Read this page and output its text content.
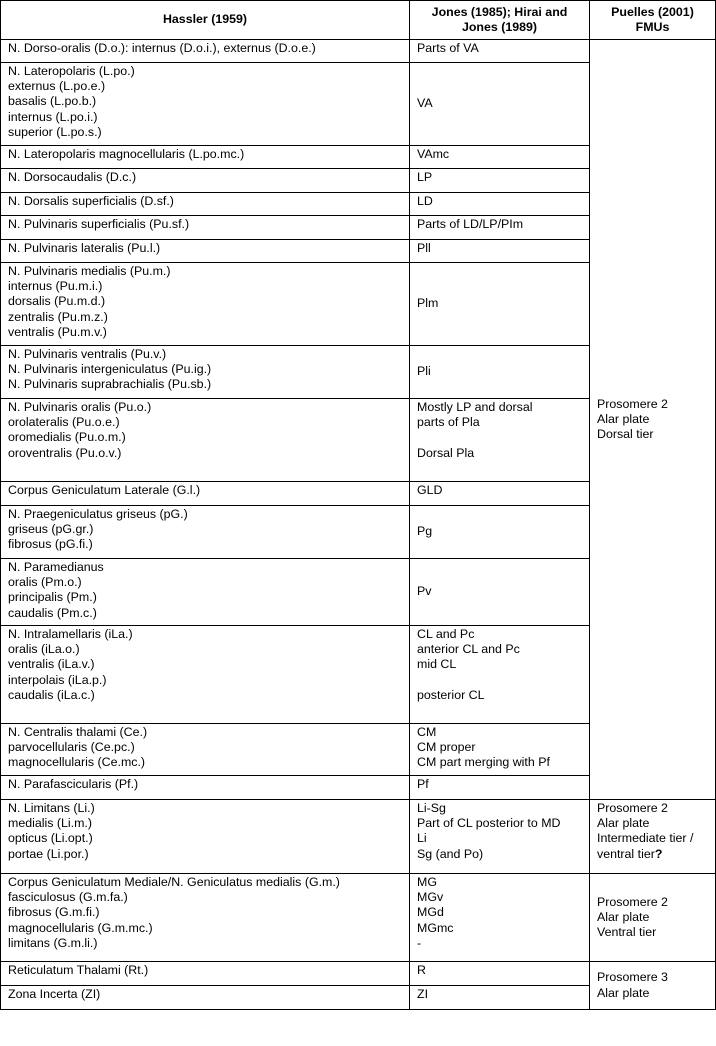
Hassler (1959)	Jones (1985); Hirai and Jones (1989)	Puelles (2001) FMUs

N. Dorso-oralis (D.o.): internus (D.o.i.), externus (D.o.e.)	Parts of VA	Prosomere 2
Alar plate
Dorsal tier

N. Lateropolaris (L.po.)
externus (L.po.e.)
basalis (L.po.b.)
internus (L.po.i.)
superior (L.po.s.)	VA	

N. Lateropolaris magnocellularis (L.po.mc.)	VAmc	

N. Dorsocaudalis (D.c.)	LP	

N. Dorsalis superficialis (D.sf.)	LD	

N. Pulvinaris superficialis (Pu.sf.)	Parts of LD/LP/PIm	

N. Pulvinaris lateralis (Pu.l.)	Pll	

N. Pulvinaris medialis (Pu.m.)
internus (Pu.m.i.)
dorsalis (Pu.m.d.)
zentralis (Pu.m.z.)
ventralis (Pu.m.v.)	Plm	

N. Pulvinaris ventralis (Pu.v.)
N. Pulvinaris intergeniculatus (Pu.ig.)
N. Pulvinaris suprabrachialis (Pu.sb.)	Pli	

N. Pulvinaris oralis (Pu.o.)
orolateralis (Pu.o.e.)
oromedialis (Pu.o.m.)
oroventralis (Pu.o.v.)	Mostly LP and dorsal
parts of Pla
Dorsal Pla	

Corpus Geniculatum Laterale (G.l.)	GLD	

N. Praegeniculatus griseus (pG.)
griseus (pG.gr.)
fibrosus (pG.fi.)	Pg	

N. Paramedianus
oralis (Pm.o.)
principalis (Pm.)
caudalis (Pm.c.)	Pv	

N. Intralamellaris (iLa.)
oralis (iLa.o.)
ventralis (iLa.v.)
interpolais (iLa.p.)
caudalis (iLa.c.)	CL and Pc
anterior CL and Pc
mid CL
posterior CL	

N. Centralis thalami (Ce.)
parvocellularis (Ce.pc.)
magnocellularis (Ce.mc.)	CM
CM proper
CM part merging with Pf	

N. Parafascicularis (Pf.)	Pf	

N. Limitans (Li.)
medialis (Li.m.)
opticus (Li.opt.)
portae (Li.por.)	Li-Sg
Part of CL posterior to MD
Li
Sg (and Po)	Prosomere 2
Alar plate
Intermediate tier /
ventral tier?

Corpus Geniculatum Mediale/N. Geniculatus medialis (G.m.)
fasciculosus (G.m.fa.)
fibrosus (G.m.fi.)
magnocellularis (G.m.mc.)
limitans (G.m.li.)	MG
MGv
MGd
MGmc
-	Prosomere 2
Alar plate
Ventral tier

Reticulatum Thalami (Rt.)	R	Prosomere 3
Alar plate

Zona Incerta (ZI)	ZI	
